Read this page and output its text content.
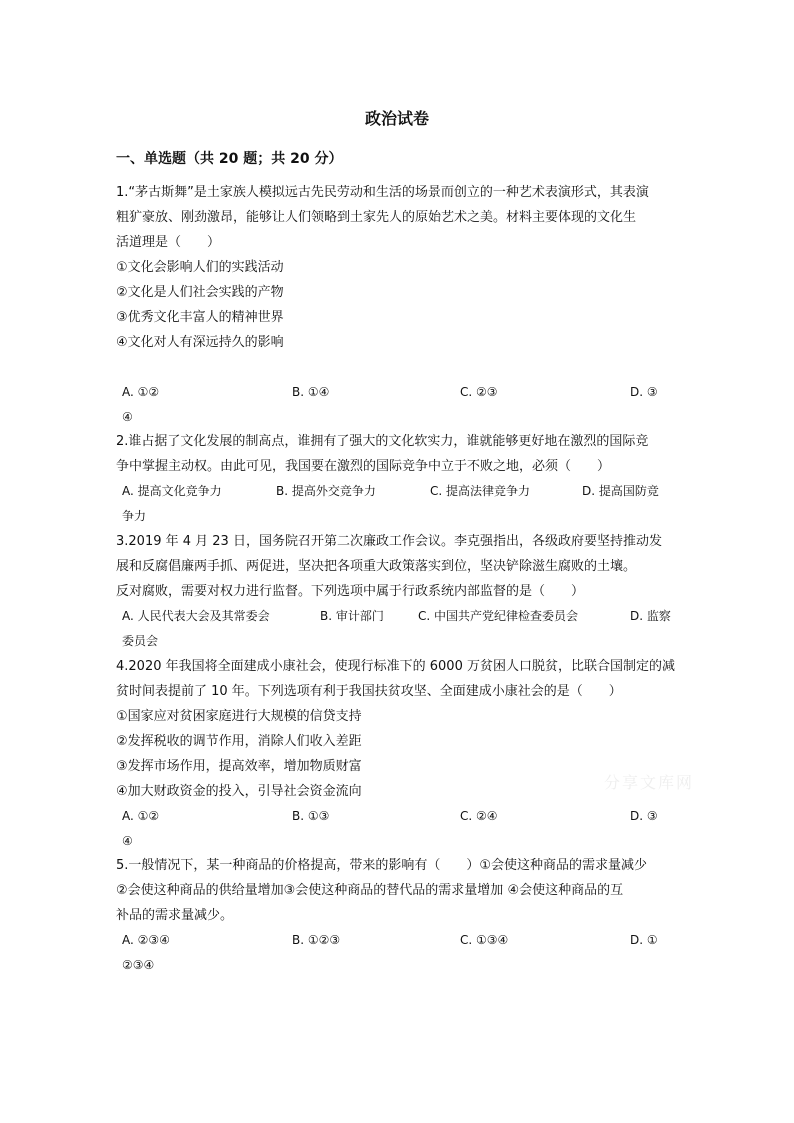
政治试卷
一、单选题（共 20 题；共 20 分）
1.“茅古斯舞”是土家族人模拟远古先民劳动和生活的场景而创立的一种艺术表演形式，其表演
粗犷豪放、刚劲激昂，能够让人们领略到土家先人的原始艺术之美。材料主要体现的文化生
活道理是（　　）
①文化会影响人们的实践活动
②文化是人们社会实践的产物
③优秀文化丰富人的精神世界
④文化对人有深远持久的影响
A. ①②	B. ①④	C. ②③	D. ③
④
2.谁占据了文化发展的制高点，谁拥有了强大的文化软实力，谁就能够更好地在激烈的国际竞
争中掌握主动权。由此可见，我国要在激烈的国际竞争中立于不败之地，必须（　　）
A. 提高文化竞争力	B. 提高外交竞争力	C. 提高法律竞争力	D. 提高国防竞
争力
3.2019 年 4 月 23 日，国务院召开第二次廉政工作会议。李克强指出，各级政府要坚持推动发
展和反腐倡廉两手抓、两促进，坚决把各项重大政策落实到位，坚决铲除滋生腐败的土壤。
反对腐败，需要对权力进行监督。下列选项中属于行政系统内部监督的是（　　）
A. 人民代表大会及其常委会	B. 审计部门	C. 中国共产党纪律检查委员会	D. 监察
委员会
4.2020 年我国将全面建成小康社会，使现行标准下的 6000 万贫困人口脱贫，比联合国制定的减
贫时间表提前了 10 年。下列选项有利于我国扶贫攻坚、全面建成小康社会的是（　　）
①国家应对贫困家庭进行大规模的信贷支持
②发挥税收的调节作用，消除人们收入差距
③发挥市场作用，提高效率，增加物质财富
④加大财政资金的投入，引导社会资金流向
A. ①②	B. ①③	C. ②④	D. ③
④
5.一般情况下，某一种商品的价格提高，带来的影响有（　　）①会使这种商品的需求量减少
②会使这种商品的供给量增加③会使这种商品的替代品的需求量增加 ④会使这种商品的互
补品的需求量减少。
A. ②③④	B. ①②③	C. ①③④	D. ①
②③④
分享文库网
